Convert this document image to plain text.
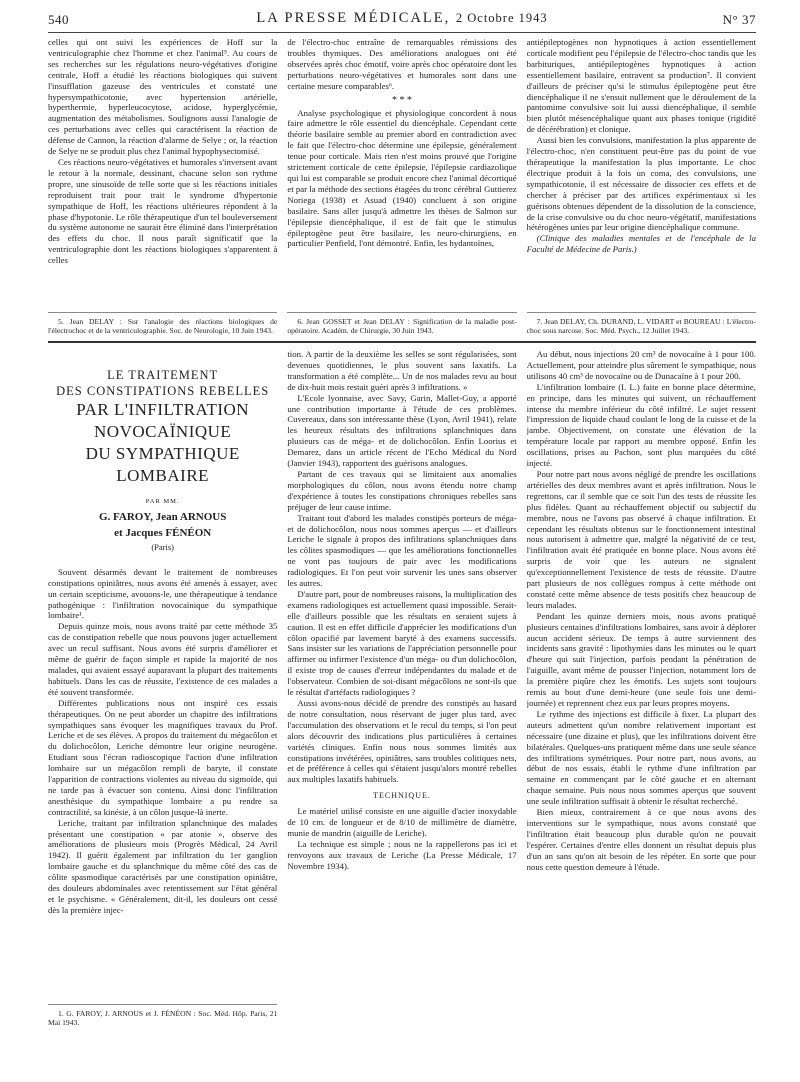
540	LA PRESSE MÉDICALE, 2 Octobre 1943	N° 37

celles qui ont suivi les expériences de Hoff sur la ventriculographie chez l'homme et chez l'animal⁵. Au cours de ses recherches sur les régulations neuro-végétatives d'origine centrale, Hoff a étudié les réactions biologiques qui suivent l'insufflation gazeuse des ventricules et constaté une hypersympathicotonie, avec hypertension artérielle, hyperthermie, hyperleucocytose, acidose, hyperglycémie, augmentation des métabolismes. Soulignons aussi l'analogie de ces perturbations avec celles qui caractérisent la réaction de défense de Cannon, la réaction d'alarme de Selye ; or, la réaction de Selye ne se produit plus chez l'animal hypophysectomisé.

Ces réactions neuro-végétatives et humorales s'inversent avant le retour à la normale, dessinant, chacune selon son rythme propre, une sinusoïde de telle sorte que si les réactions initiales reproduisent trait pour trait le syndrome d'hypertonie sympathique de Hoff, les réactions ultérieures répondent à la phase d'hypotonie. Le rôle thérapeutique d'un tel bouleversement du système autonome ne saurait être éliminé dans l'interprétation des effets du choc. Il nous paraît significatif que la ventriculographie dont les réactions biologiques s'apparentent à celles

5. Jean DELAY : Sur l'analogie des réactions biologiques de l'électrochoc et de la ventriculographie. Soc. de Neurologie, 10 Juin 1943.

de l'électro-choc entraîne de remarquables rémissions des troubles thymiques. Des améliorations analogues ont été observées après choc émotif, voire après choc opératoire dont les perturbations neuro-végétatives et humorales sont dans une certaine mesure comparables⁶.

* * *

Analyse psychologique et physiologique concordent à nous faire admettre le rôle essentiel du diencéphale. Cependant cette théorie basilaire semble au premier abord en contradiction avec le fait que l'électro-choc détermine une épilepsie, généralement tenue pour corticale. Mais rien n'est moins prouvé que l'origine strictement corticale de cette épilepsie, l'épilepsie cardiazolique qui lui est comparable se produit encore chez l'animal décortiqué et par la méthode des sections étagées du tronc cérébral Guttierez Noriega (1938) et Asuad (1940) concluent à son origine basilaire. Sans aller jusqu'à admettre les thèses de Salmon sur l'épilepsie diencéphalique, il est de fait que le stimulus épileptogène peut être basilaire, les neuro-chirurgiens, en particulier Penfield, l'ont démontré. Enfin, les hydantoïnes,

6. Jean GOSSET et Jean DELAY : Signification de la maladie post-opératoire. Académ. de Chirurgie, 30 Juin 1943.

antiépileptogènes non hypnotiques à action essentiellement corticale modifient peu l'épilepsie de l'électro-choc tandis que les barbituriques, antiépileptogènes hypnotiques à action essentiellement basilaire, entravent sa production⁷. Il convient d'ailleurs de préciser qu'si le stimulus épileptogène peut être diencéphalique il ne s'ensuit nullement que le déroulement de la pantomime convulsive soit lui aussi diencéphalique, il semble bien plutôt mésencéphalique quant aux phases tonique (rigidité de décérébration) et clonique.

Aussi bien les convulsions, manifestation la plus apparente de l'électro-choc, n'en constituent peut-être pas du point de vue thérapeutique la manifestation la plus importante. Le choc électrique produit à la fois un coma, des convulsions, une sympathicotonie, il est nécessaire de dissocier ces effets et de chercher à préciser par des artifices expérimentaux si les guérisons obtenues dépendent de la dissolution de la conscience, de la crise convulsive ou du choc neuro-végétatif, manifestations hétérogènes unies par leur origine diencéphalique commune.

(Clinique des maladies mentales et de l'encéphale de la Faculté de Médecine de Paris.)

7. Jean DELAY, Ch. DURAND, L. VIDART et BOUREAU : L'électro-choc sous narcose. Soc. Méd. Psych., 12 Juillet 1943.

LE TRAITEMENT
DES CONSTIPATIONS REBELLES
PAR L'INFILTRATION
NOVOCAÏNIQUE
DU SYMPATHIQUE LOMBAIRE
PAR MM.
G. FAROY, Jean ARNOUS
et Jacques FÉNÉON
(Paris)

Souvent désarmés devant le traitement de nombreuses constipations opiniâtres, nous avons été amenés à essayer, avec un certain scepticisme, avouons-le, une thérapeutique à tendance pathogénique : l'infiltration novocaïnique du sympathique lombaire¹.

Depuis quinze mois, nous avons traité par cette méthode 35 cas de constipation rebelle que nous pouvons juger actuellement avec un recul suffisant. Nous avons été surpris d'améliorer et même de guérir de façon simple et rapide la majorité de nos malades, qui avaient essayé auparavant la plupart des traitements habituels. Dans les cas de réussite, l'existence de ces malades a été souvent transformée.

Différentes publications nous ont inspiré ces essais thérapeutiques. On ne peut aborder un chapitre des infiltrations sympathiques sans évoquer les magnifiques travaux du Prof. Leriche et de ses élèves. A propos du traitement du mégacôlon et du dolichocôlon, Leriche démontre leur origine neurogène. Etudiant sous l'écran radioscopique l'action d'une infiltration lombaire sur un mégacôlon rempli de baryte, il constate l'apparition de contractions violentes au niveau du sigmoïde, qui ne tarde pas à évacuer son contenu. Ainsi donc l'infiltration anesthésique du sympathique lombaire a pu rendre sa contractilité, sa kinésie, à un côlon jusque-là inerte.

Leriche, traitant par infiltration splanchnique des malades présentant une constipation « par atonie », observe des améliorations de plusieurs mois (Progrès Médical, 24 Avril 1942). Il guérit également par infiltration du 1er ganglion lombaire gauche et du splanchnique du même côté des cas de côlite spasmodique caractérisés par une constipation opiniâtre, des douleurs abdominales avec retentissement sur l'état général et le psychisme. « Généralement, dit-il, les douleurs ont cessé dès la première injec-

1. G. FAROY, J. ARNOUS et J. FÉNÉON : Soc. Méd. Hôp. Paris, 21 Mai 1943.

tion. A partir de la deuxième les selles se sont régularisées, sont devenues quotidiennes, le plus souvent sans laxatifs. La transformation a été complète... Un de nos malades revu au bout de dix-huit mois restait guéri après 3 infiltrations. »

L'Ecole lyonnaise, avec Savy, Garin, Mallet-Guy, a apporté une contribution importante à l'étude de ces problèmes. Cuvereaux, dans son intéressante thèse (Lyon, Avril 1941), relate les heureux résultats des infiltrations splanchniques dans plusieurs cas de méga- et de dolichocôlon. Enfin Loorius et Demarez, dans un article récent de l'Echo Médical du Nord (Janvier 1943), rapportent des guérisons analogues.

Partant de ces travaux qui se limitaient aux anomalies morphologiques du côlon, nous avons étendu notre champ d'expérience à toutes les constipations chroniques rebelles sans préjuger de leur cause intime.

Traitant tout d'abord les malades constipés porteurs de méga- et de dolichocôlon, nous nous sommes aperçus — et d'ailleurs Leriche le signale à propos des infiltrations splanchniques dans les côlites spasmodiques — que les améliorations fonctionnelles ne vont pas toujours de pair avec les modifications radiologiques. Et l'on peut voir survenir les unes sans observer les autres.

D'autre part, pour de nombreuses raisons, la multiplication des examens radiologiques est actuellement quasi impossible. Serait-elle d'ailleurs possible que les résultats en seraient sujets à caution. Il est en effet difficile d'apprécier les modifications d'un côlon opacifié par lavement baryté à des examens successifs. Sans insister sur les variations de l'appréciation personnelle pour affirmer ou infirmer l'existence d'un méga- ou d'un dolichocôlon, il existe trop de causes d'erreur indépendantes du malade et de l'observateur. Combien de soi-disant mégacôlons ne sont-ils que le résultat d'artéfacts radiologiques ?

Aussi avons-nous décidé de prendre des constipés au hasard de notre consultation, nous réservant de juger plus tard, avec l'accumulation des observations et le recul du temps, si l'on peut alors découvrir des indications plus particulières à certaines variétés cliniques. Enfin nous nous sommes limités aux constipations invétérées, opiniâtres, sans troubles colitiques nets, et de préférence à celles qui s'étaient jusqu'alors montré rebelles aux multiples laxatifs habituels.

TECHNIQUE.

Le matériel utilisé consiste en une aiguille d'acier inoxydable de 10 cm. de longueur et de 8/10 de millimètre de diamètre, munie de mandrin (aiguille de Leriche).

La technique est simple ; nous ne la rappellerons pas ici et renvoyons aux travaux de Leriche (La Presse Médicale, 17 Novembre 1934).

Au début, nous injections 20 cm³ de novocaïne à 1 pour 100. Actuellement, pour atteindre plus sûrement le sympathique, nous utilisons 40 cm³ de novocaïne ou de Dunacaïne à 1 pour 200.

L'infiltration lombaire (I. L.) faite en bonne place détermine, en principe, dans les minutes qui suivent, un réchauffement intense du membre inférieur du côté infiltré. Le sujet ressent l'impression de liquide chaud coulant le long de la cuisse et de la jambe. Objectivement, on constate une élévation de la température locale par rapport au membre opposé. Enfin les oscillations, prises au Pachon, sont plus marquées du côté injecté.

Pour notre part nous avons négligé de prendre les oscillations artérielles des deux membres avant et après infiltration. Nous le regrettons, car il semble que ce soit l'un des tests de réussite les plus fidèles. Quant au réchauffement objectif ou subjectif du membre, nous ne l'avons pas observé à chaque infiltration. Et cependant les résultats obtenus sur le fonctionnement intestinal nous autorisent à admettre que, malgré la négativité de ce test, l'infiltration avait été pratiquée en bonne place. Nous avons été surpris de voir que les auteurs ne signalent qu'exceptionnellement l'existence de tests de réussite. D'autre part plusieurs de nos collègues rompus à cette méthode ont constaté cette même absence de tests positifs chez beaucoup de leurs malades.

Pendant les quinze derniers mois, nous avons pratiqué plusieurs centaines d'infiltrations lombaires, sans avoir à déplorer aucun accident sérieux. De temps à autre surviennent des incidents sans gravité : lipothymies dans les minutes ou le quart d'heure qui suit l'injection, parfois pendant la pénétration de l'aiguille, avant même de pousser l'injection, notamment lors de la première piqûre chez les émotifs. Les sujets sont toujours remis au bout d'une demi-heure (une seule fois une demi-journée) et reprennent chez eux par leurs propres moyens.

Le rythme des injections est difficile à fixer. La plupart des auteurs admettent qu'un nombre relativement important est nécessaire (une dizaine et plus), que les infiltrations doivent être bilatérales. Quelques-uns pratiquent même dans une seule séance des infiltrations symétriques. Pour notre part, nous avons, au début de nos essais, établi le rythme d'une infiltration par semaine en commençant par le côté gauche et en alternant chaque semaine. Puis nous nous sommes aperçus que souvent une seule infiltration suffisait à obtenir le résultat recherché.

Bien mieux, contrairement à ce que nous avons des interventions sur le sympathique, nous avons constaté que l'infiltration était beaucoup plus durable qu'on ne pouvait l'espérer. Certaines d'entre elles donnent un résultat depuis plus d'un an sans qu'on ait besoin de les répéter. En sorte que pour nous cette question demeure à l'étude.
